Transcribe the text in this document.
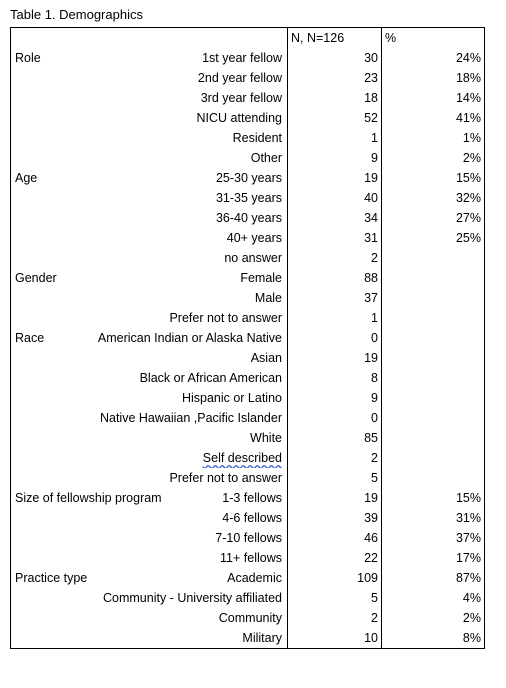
Table 1. Demographics
	N, N=126	%

Role 1st year fellow	30	24%

2nd year fellow	23	18%

3rd year fellow	18	14%

NICU attending	52	41%

Resident	1	1%

Other	9	2%

Age 25-30 years	19	15%

31-35 years	40	32%

36-40 years	34	27%

40+ years	31	25%

no answer	2	

Gender Female	88	

Male	37	

Prefer not to answer	1	

Race American Indian or Alaska Native	0	

Asian	19	

Black or African American	8	

Hispanic or Latino	9	

Native Hawaiian ,Pacific Islander	0	

White	85	

Self described	2	

Prefer not to answer	5	

Size of fellowship program 1-3 fellows	19	15%

4-6 fellows	39	31%

7-10 fellows	46	37%

11+ fellows	22	17%

Practice type Academic	109	87%

Community - University affiliated	5	4%

Community	2	2%

Military	10	8%
